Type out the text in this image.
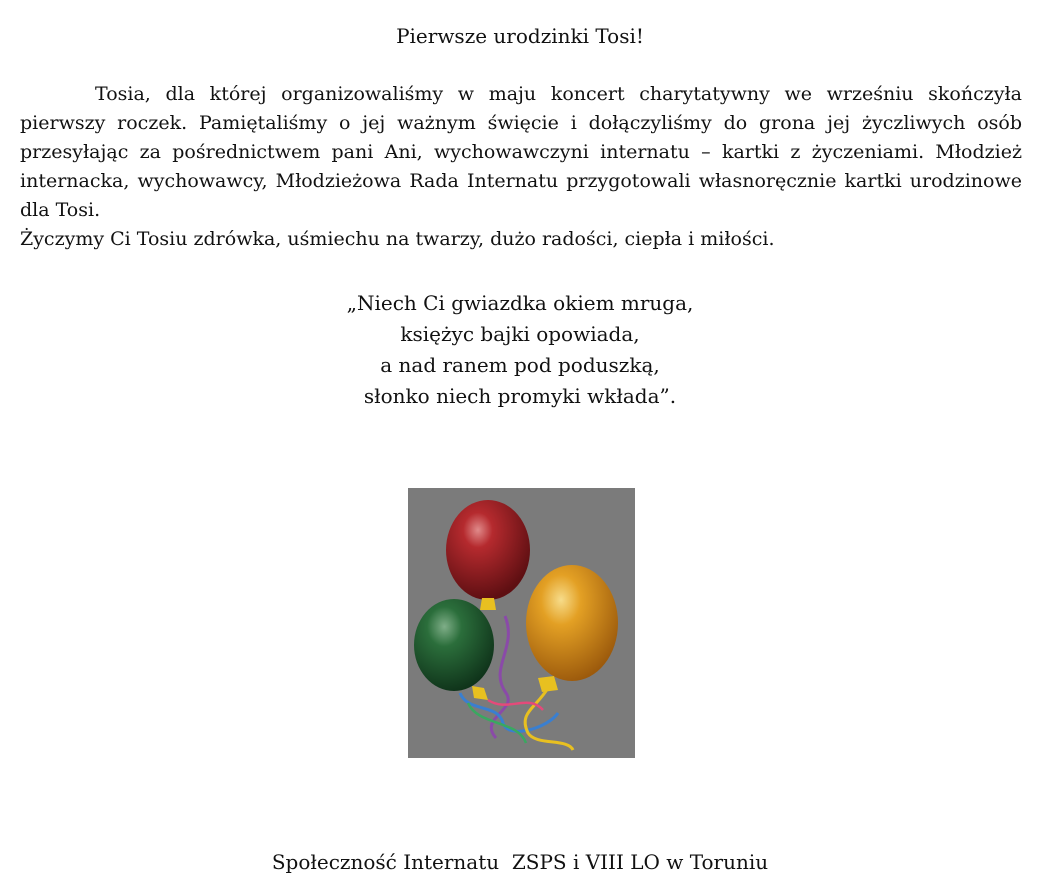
Pierwsze urodzinki Tosi!

Tosia, dla której organizowaliśmy w maju koncert charytatywny we wrześniu skończyła pierwszy roczek. Pamiętaliśmy o jej ważnym święcie i dołączyliśmy do grona jej życzliwych osób przesyłając za pośrednictwem pani Ani, wychowawczyni internatu – kartki z życzeniami. Młodzież internacka, wychowawcy, Młodzieżowa Rada Internatu przygotowali własnoręcznie kartki urodzinowe dla Tosi.

Życzymy Ci Tosiu zdrówka, uśmiechu na twarzy, dużo radości, ciepła i miłości.

„Niech Ci gwiazdka okiem mruga,
księżyc bajki opowiada,
a nad ranem pod poduszką,
słonko niech promyki wkłada”.
Społeczność Internatu  ZSPS i VIII LO w Toruniu
